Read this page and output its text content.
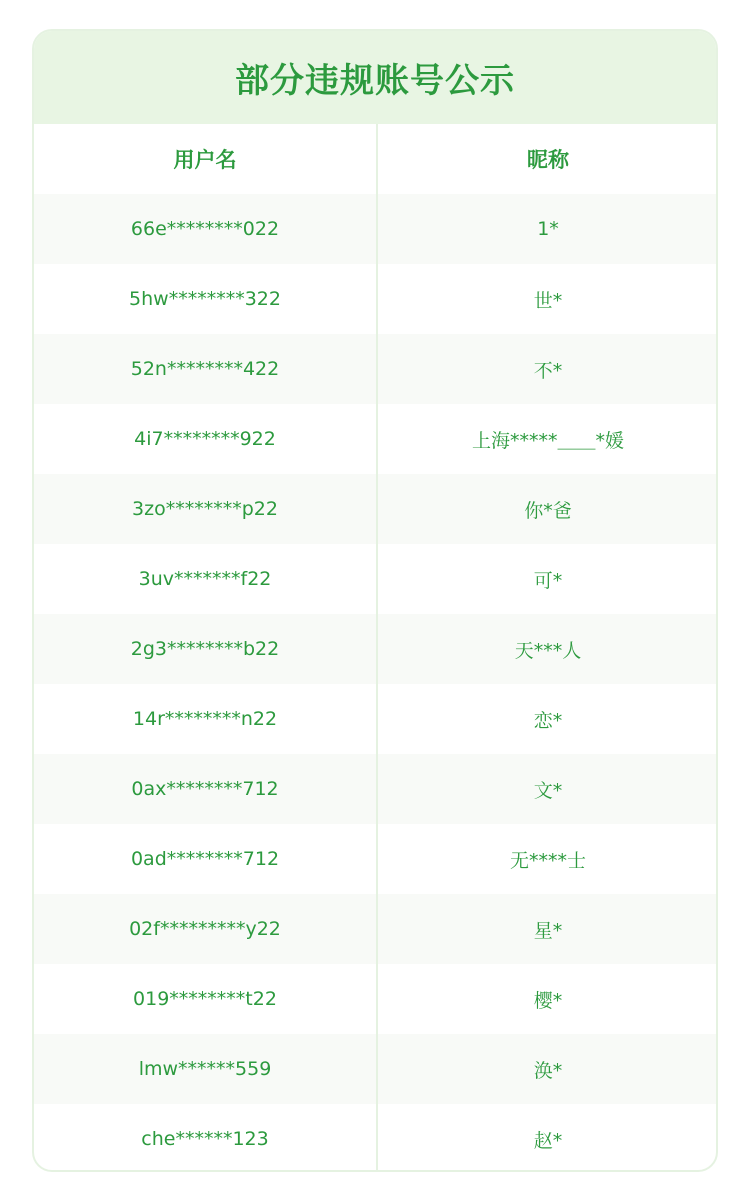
部分违规账号公示
用户名	昵称
66e********022	1*
5hw********322	世*
52n********422	不*
4i7********922	上海*****＿＿*媛
3zo********p22	你*爸
3uv*******f22	可*
2g3********b22	天***人
14r********n22	恋*
0ax********712	文*
0ad********712	无****士
02f*********y22	星*
019********t22	樱*
lmw******559	涣*
che******123	赵*
